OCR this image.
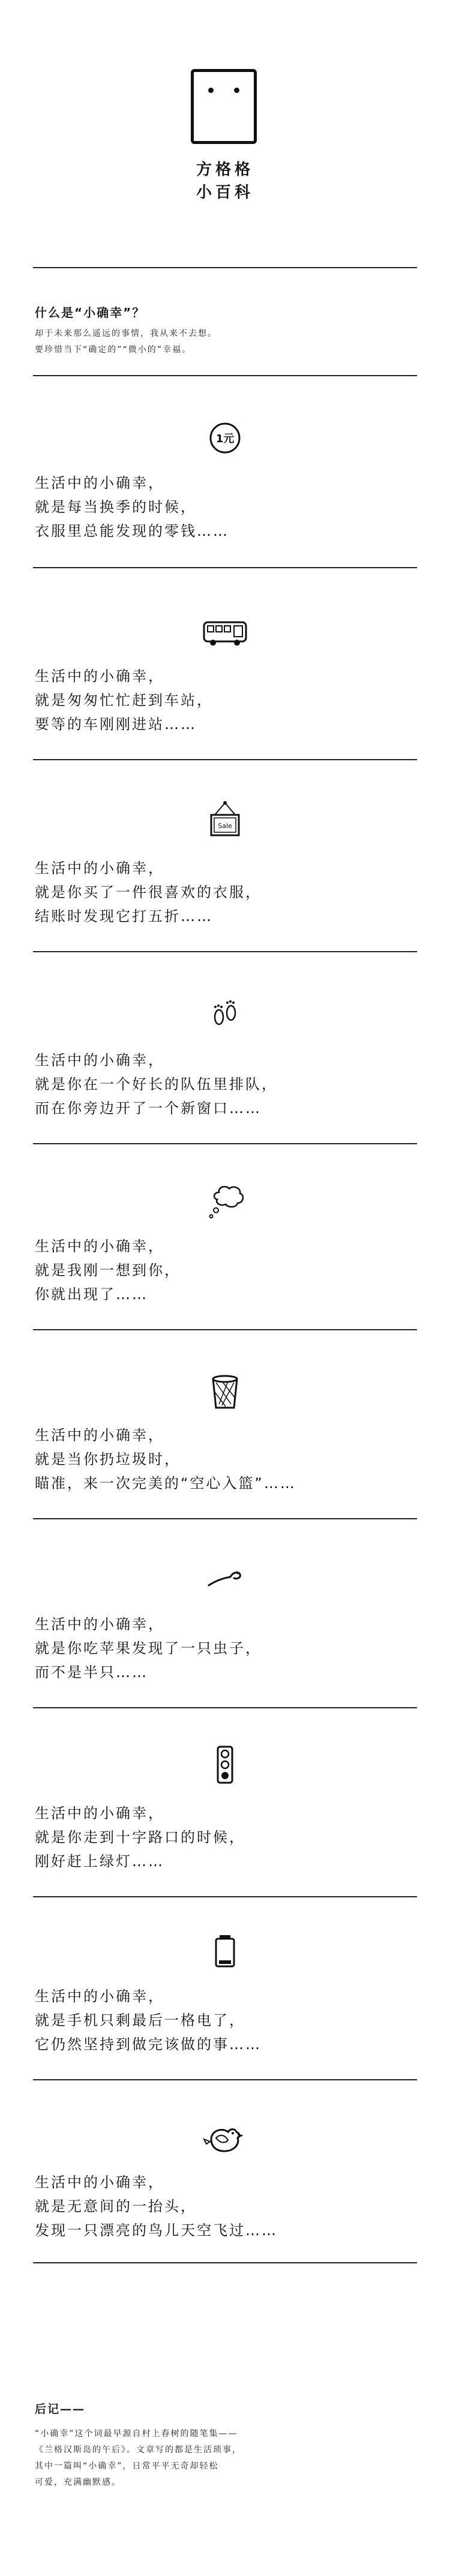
方格格
小百科
什么是“小确幸”？
却于未来那么遥远的事情，我从来不去想。
要珍惜当下“确定的”“微小的”幸福。
1元
生活中的小确幸，
就是每当换季的时候，
衣服里总能发现的零钱……
生活中的小确幸，
就是匆匆忙忙赶到车站，
要等的车刚刚进站……
Sale
生活中的小确幸，
就是你买了一件很喜欢的衣服，
结账时发现它打五折……
生活中的小确幸，
就是你在一个好长的队伍里排队，
而在你旁边开了一个新窗口……
生活中的小确幸，
就是我刚一想到你，
你就出现了……
生活中的小确幸，
就是当你扔垃圾时，
瞄准，来一次完美的“空心入篮”……
生活中的小确幸，
就是你吃苹果发现了一只虫子，
而不是半只……
生活中的小确幸，
就是你走到十字路口的时候，
刚好赶上绿灯……
生活中的小确幸，
就是手机只剩最后一格电了，
它仍然坚持到做完该做的事……
生活中的小确幸，
就是无意间的一抬头，
发现一只漂亮的鸟儿天空飞过……
后记——
“小确幸”这个词最早源自村上春树的随笔集——
《兰格汉斯岛的午后》。文章写的都是生活琐事，
其中一篇叫“小确幸”，日常平平无奇却轻松
可爱，充满幽默感。
